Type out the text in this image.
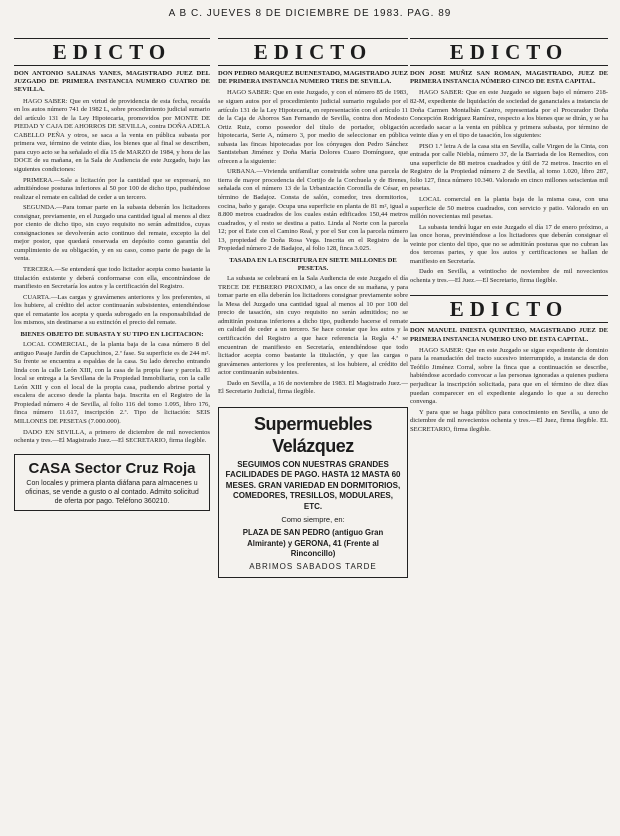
A B C. JUEVES 8 DE DICIEMBRE DE 1983. PAG. 89
EDICTO
DON ANTONIO SALINAS YANES, MAGISTRADO JUEZ DEL JUZGADO DE PRIMERA INSTANCIA NUMERO CUATRO DE SEVILLA.

HAGO SABER: Que en virtud de providencia de esta fecha, recaída en los autos número 741 de 1982 L, sobre procedimiento judicial sumario del artículo 131 de la Ley Hipotecaria, promovidos por MONTE DE PIEDAD Y CAJA DE AHORROS DE SEVILLA, contra DOÑA ADELA CABELLO PEÑA y otros, se saca a la venta en pública subasta por primera vez, término de veinte días, los bienes que al final se describen, para cuyo acto se ha señalado el día 15 de MARZO de 1984, y hora de las DOCE de su mañana, en la Sala de Audiencia de este Juzgado, bajo las siguientes condiciones:

PRIMERA.—Sale a licitación por la cantidad que se expresará, no admitiéndose posturas inferiores al 50 por 100 de dicho tipo, pudiéndose realizar el remate en calidad de ceder a un tercero.

SEGUNDA.—Para tomar parte en la subasta deberán los licitadores consignar, previamente, en el Juzgado una cantidad igual al menos al diez por ciento de dicho tipo, sin cuyo requisito no serán admitidos, cuyas consignaciones se devolverán acto continuo del remate, excepto la del mejor postor, que quedará reservada en depósito como garantía del cumplimiento de su obligación, y en su caso, como parte de pago de la venta.

TERCERA.—Se entenderá que todo licitador acepta como bastante la titulación existente y deberá conformarse con ella, encontrándose de manifiesto en Secretaría los autos y la certificación del Registro.

CUARTA.—Las cargas y gravámenes anteriores y los preferentes, si los hubiere, al crédito del actor continuarán subsistentes, entendiéndose que el rematante los acepta y queda subrogado en la responsabilidad de los mismos, sin destinarse a su extinción el precio del remate.

BIENES OBJETO DE SUBASTA Y SU TIPO EN LICITACION:

LOCAL COMERCIAL, de la planta baja de la casa número 8 del antiguo Pasaje Jardín de Capuchinos, 2.ª fase. Su superficie es de 244 m². Su frente se encuentra a espaldas de la casa. Su lado derecho entrando linda con la calle León XIII, con la casa de la propia fase y parcela. El local se entrega a la Sevillana de la Propiedad Inmobiliaria, con la calle León XIII y con el local de la propia casa, pudiendo abrirse portal y escalera de acceso desde la planta baja. Inscrita en el Registro de la Propiedad número 4 de Sevilla, al folio 116 del tomo 1.095, libro 176, finca número 11.617, inscripción 2.ª. Tipo de licitación: SEIS MILLONES DE PESETAS (7.000.000).

DADO EN SEVILLA, a primero de diciembre de mil novecientos ochenta y tres.—El Magistrado Juez.—El SECRETARIO, firma ilegible.

CASA Sector Cruz Roja
Con locales y primera planta diáfana para almacenes u oficinas, se vende a gusto o al contado. Admito solicitud de oferta por pago. Teléfono 360210.
EDICTO
DON PEDRO MARQUEZ BUENESTADO, MAGISTRADO JUEZ DE PRIMERA INSTANCIA NUMERO TRES DE SEVILLA.

HAGO SABER: Que en este Juzgado, y con el número 85 de 1983, se siguen autos por el procedimiento judicial sumario regulado por el artículo 131 de la Ley Hipotecaria, en representación con el artículo 11 de la Caja de Ahorros San Fernando de Sevilla, contra don Modesto Ortiz Ruiz, como poseedor del título de portador, obligación hipotecaria, Serie A, número 3, por medio de seleccionar en pública subasta las fincas hipotecadas por los cónyuges don Pedro Sánchez Santisteban Jiménez y Doña María Dolores Cuaro Domínguez, que ofrecen a la siguiente:

URBANA.—Vivienda unifamiliar construida sobre una parcela de tierra de mayor procedencia del Cortijo de la Corchuela y de Brenes, señalada con el número 13 de la Urbanización Coronilla de César, en término de Badajoz. Consta de salón, comedor, tres dormitorios, cocina, baño y garaje. Ocupa una superficie en planta de 81 m², igual a 8.800 metros cuadrados de los cuales están edificados 150,44 metros cuadrados, y el resto se destina a patio. Linda al Norte con la parcela 12; por el Este con el Camino Real, y por el Sur con la parcela número 13, propiedad de Doña Rosa Vega. Inscrita en el Registro de la Propiedad número 2 de Badajoz, al folio 128, finca 3.025.

TASADA EN LA ESCRITURA EN SIETE MILLONES DE PESETAS.

La subasta se celebrará en la Sala Audiencia de este Juzgado el día TRECE DE FEBRERO PROXIMO, a las once de su mañana, y para tomar parte en ella deberán los licitadores consignar previamente sobre la Mesa del Juzgado una cantidad igual al menos al 10 por 100 del precio de tasación, sin cuyo requisito no serán admitidos; no se admitirán posturas inferiores a dicho tipo, pudiendo hacerse el remate en calidad de ceder a un tercero. Se hace constar que los autos y la certificación del Registro a que hace referencia la Regla 4.ª se encuentran de manifiesto en Secretaría, entendiéndose que todo licitador acepta como bastante la titulación, y que las cargas o gravámenes anteriores y los preferentes, si los hubiere, al crédito del actor continuarán subsistentes.

Dado en Sevilla, a 16 de noviembre de 1983. El Magistrado Juez.—El Secretario Judicial, firma ilegible.

Supermuebles Velázquez
SEGUIMOS CON NUESTRAS GRANDES FACILIDADES DE PAGO. HASTA 12 MASTA 60 MESES. GRAN VARIEDAD EN DORMITORIOS, COMEDORES, TRESILLOS, MODULARES, ETC.
Como siempre, en:
PLAZA DE SAN PEDRO (antiguo Gran Almirante) y GERONA, 41 (Frente al Rinconcillo)
ABRIMOS SABADOS TARDE
EDICTO
DON JOSE MUÑIZ SAN ROMAN, MAGISTRADO, JUEZ DE PRIMERA INSTANCIA NÚMERO CINCO DE ESTA CAPITAL.

HAGO SABER: Que en este Juzgado se siguen bajo el número 218-82-M, expediente de liquidación de sociedad de gananciales a instancia de Doña Carmen Montalbán Castro, representada por el Procurador Doña Concepción Rodríguez Ramírez, respecto a los bienes que se dirán, y se ha acordado sacar a la venta en pública y primera subasta, por término de veinte días y en el tipo de tasación, los siguientes:

PISO 1.º letra A de la casa sita en Sevilla, calle Virgen de la Cinta, con entrada por calle Niebla, número 37, de la Barriada de los Remedios, con una superficie de 88 metros cuadrados y útil de 72 metros. Inscrito en el Registro de la Propiedad número 2 de Sevilla, al tomo 1.020, libro 287, folio 127, finca número 10.340. Valorado en cinco millones seiscientas mil pesetas.

LOCAL comercial en la planta baja de la misma casa, con una superficie de 50 metros cuadrados, con servicio y patio. Valorado en un millón novecientas mil pesetas.

La subasta tendrá lugar en este Juzgado el día 17 de enero próximo, a las once horas, previniéndose a los licitadores que deberán consignar el veinte por ciento del tipo, que no se admitirán posturas que no cubran las dos terceras partes, y que los autos y certificaciones se hallan de manifiesto en Secretaría.

Dado en Sevilla, a veintiocho de noviembre de mil novecientos ochenta y tres.—El Juez.—El Secretario, firma ilegible.

EDICTO
DON MANUEL INIESTA QUINTERO, MAGISTRADO JUEZ DE PRIMERA INSTANCIA NUMERO UNO DE ESTA CAPITAL.

HAGO SABER: Que en este Juzgado se sigue expediente de dominio para la reanudación del tracto sucesivo interrumpido, a instancia de don Teófilo Jiménez Corral, sobre la finca que a continuación se describe, habiéndose acordado convocar a las personas ignoradas a quienes pudiera perjudicar la inscripción solicitada, para que en el término de diez días puedan comparecer en el expediente alegando lo que a su derecho convenga.

Y para que se haga público para conocimiento en Sevilla, a uno de diciembre de mil novecientos ochenta y tres.—El Juez, firma ilegible. EL SECRETARIO, firma ilegible.
